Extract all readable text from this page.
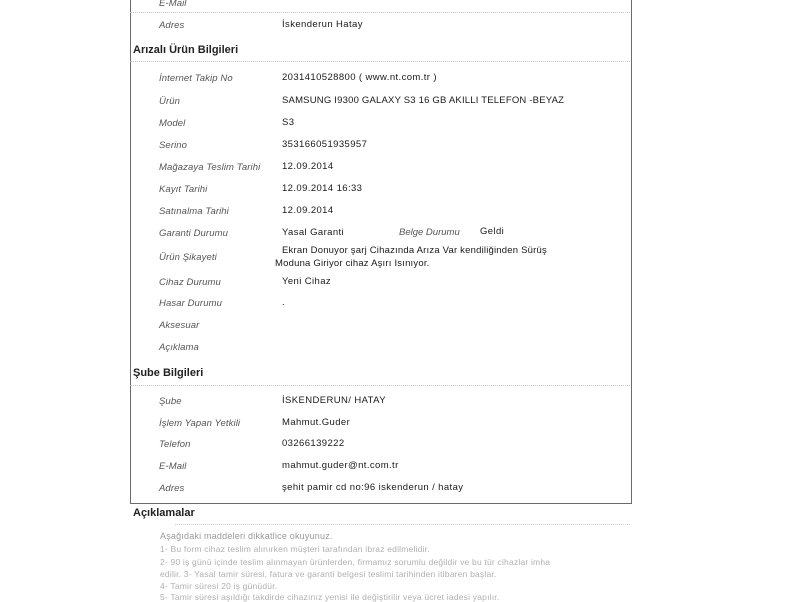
E-Mail
Adres	İskenderun Hatay
Arızalı Ürün Bilgileri
İnternet Takip No	2031410528800 ( www.nt.com.tr )
Ürün	SAMSUNG I9300 GALAXY S3 16 GB AKILLI TELEFON -BEYAZ
Model	S3
Serino	353166051935957
Mağazaya Teslim Tarihi 12.09.2014
Kayıt Tarihi	12.09.2014 16:33
Satınalma Tarihi	12.09.2014
Garanti Durumu	Yasal Garanti	Belge Durumu Geldi
Ürün Şikayeti
Ekran Donuyor şarj Cihazında Arıza Var kendiliğinden Sürüş
Moduna Giriyor cihaz Aşırı Isınıyor.
Cihaz Durumu	Yeni Cihaz
Hasar Durumu	.
Aksesuar
Açıklama
Şube Bilgileri
Şube	İSKENDERUN/ HATAY
İşlem Yapan Yetkili	Mahmut.Guder
Telefon	03266139222
E-Mail	mahmut.guder@nt.com.tr
Adres	şehit pamir cd no:96 iskenderun / hatay
Açıklamalar
Aşağıdaki maddeleri dikkatlice okuyunuz.
1- Bu form cihaz teslim alınırken müşteri tarafından ibraz edilmelidir.
2- 90 iş günü içinde teslim alınmayan ürünlerden, firmamız sorumlu değildir ve bu tür cihazlar imha
edilir. 3- Yasal tamir süresi, fatura ve garanti belgesi teslimi tarihinden itibaren başlar.
4- Tamir süresi 20 iş günüdür.
5- Tamir süresi aşıldığı takdirde cihazınız yenisi ile değiştirilir veya ücret iadesi yapılır.
